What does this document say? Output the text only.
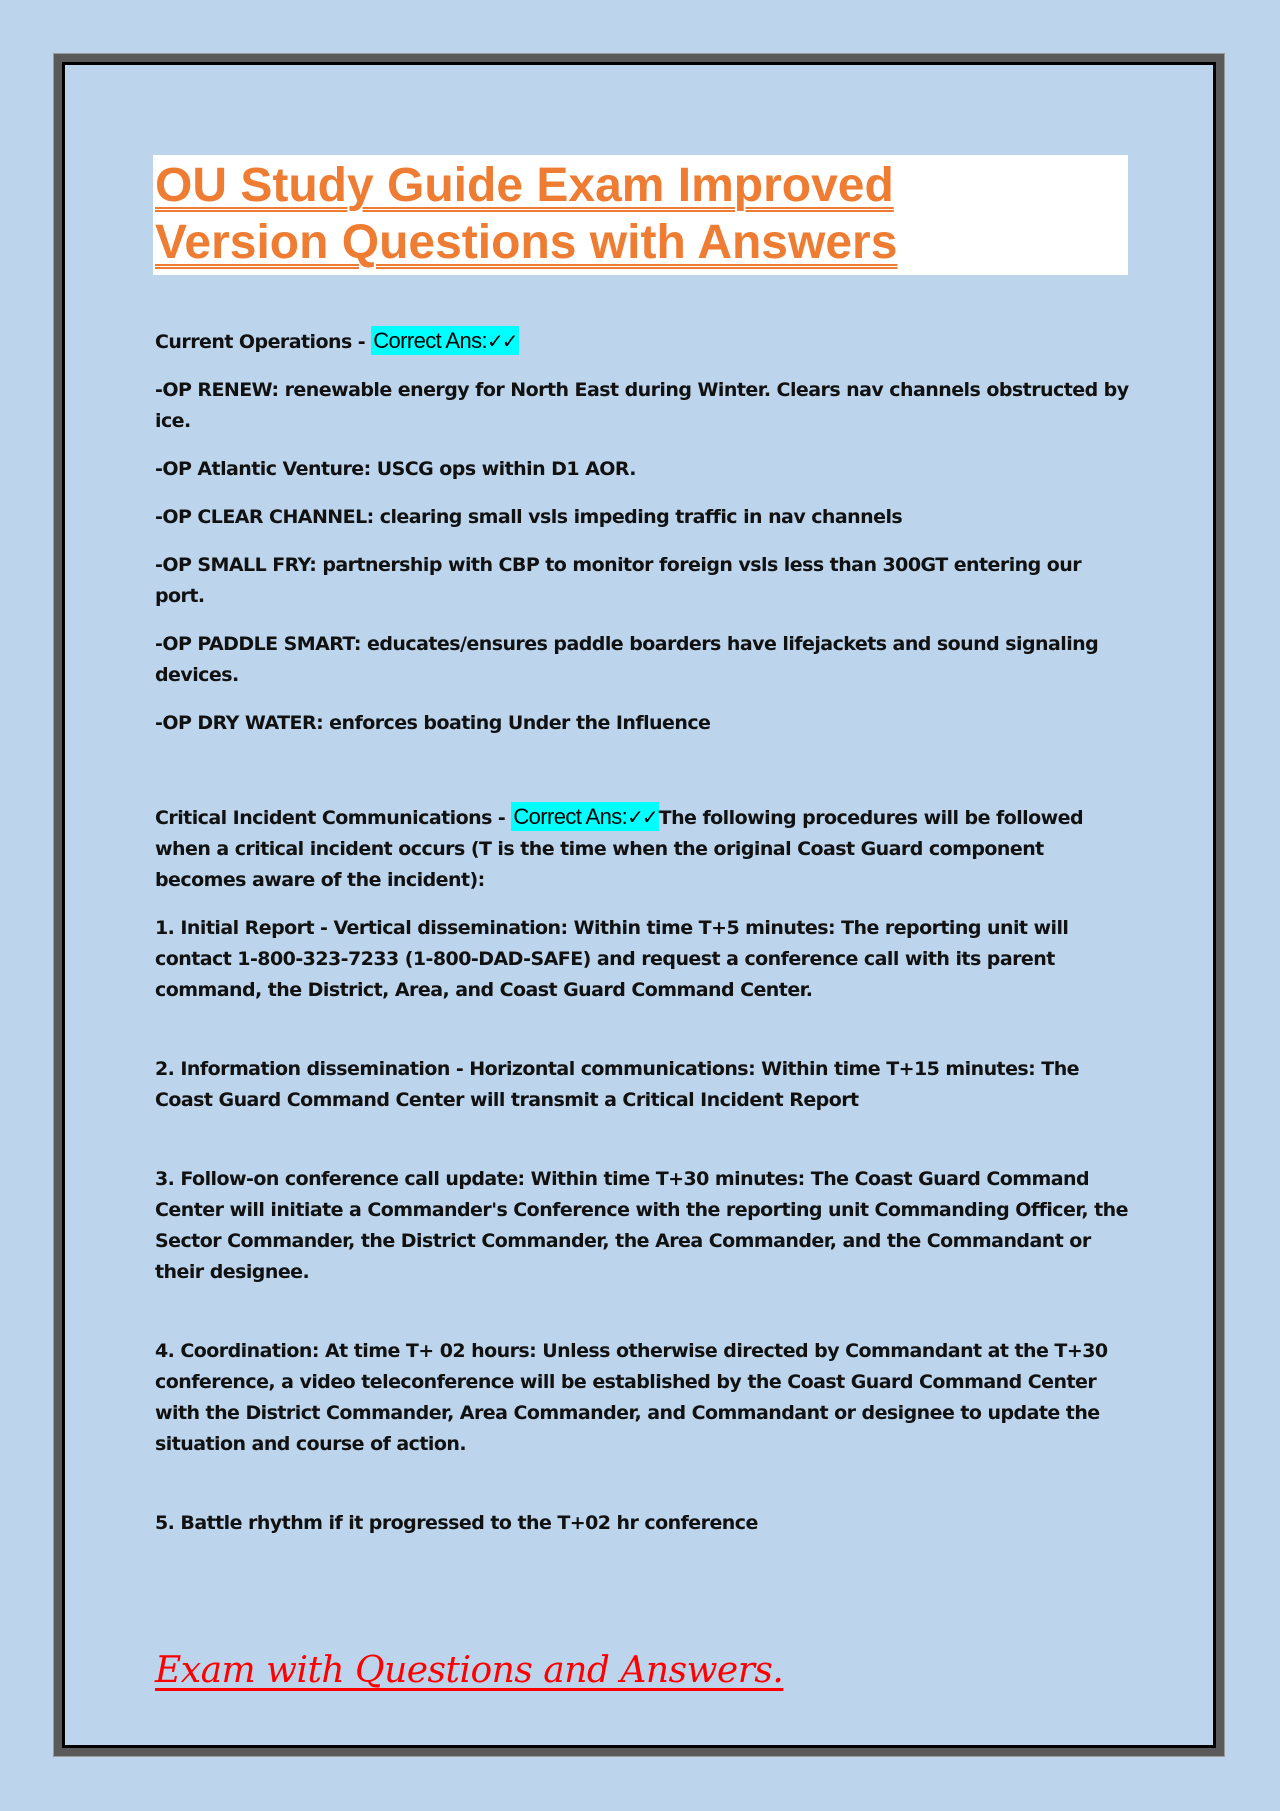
OU Study Guide Exam Improved
Version Questions with Answers
Current Operations - Correct Ans:✓✓
-OP RENEW: renewable energy for North East during Winter. Clears nav channels obstructed by ice.
-OP Atlantic Venture: USCG ops within D1 AOR.
-OP CLEAR CHANNEL: clearing small vsls impeding traffic in nav channels
-OP SMALL FRY: partnership with CBP to monitor foreign vsls less than 300GT entering our port.
-OP PADDLE SMART: educates/ensures paddle boarders have lifejackets and sound signaling devices.
-OP DRY WATER: enforces boating Under the Influence
Critical Incident Communications - Correct Ans:✓✓ The following procedures will be followed when a critical incident occurs (T is the time when the original Coast Guard component becomes aware of the incident):
1. Initial Report - Vertical dissemination: Within time T+5 minutes: The reporting unit will contact 1-800-323-7233 (1-800-DAD-SAFE) and request a conference call with its parent command, the District, Area, and Coast Guard Command Center.
2. Information dissemination - Horizontal communications: Within time T+15 minutes: The Coast Guard Command Center will transmit a Critical Incident Report
3. Follow-on conference call update: Within time T+30 minutes: The Coast Guard Command Center will initiate a Commander's Conference with the reporting unit Commanding Officer, the Sector Commander, the District Commander, the Area Commander, and the Commandant or their designee.
4. Coordination: At time T+ 02 hours: Unless otherwise directed by Commandant at the T+30 conference, a video teleconference will be established by the Coast Guard Command Center with the District Commander, Area Commander, and Commandant or designee to update the situation and course of action.
5. Battle rhythm if it progressed to the T+02 hr conference
Exam with Questions and Answers.
